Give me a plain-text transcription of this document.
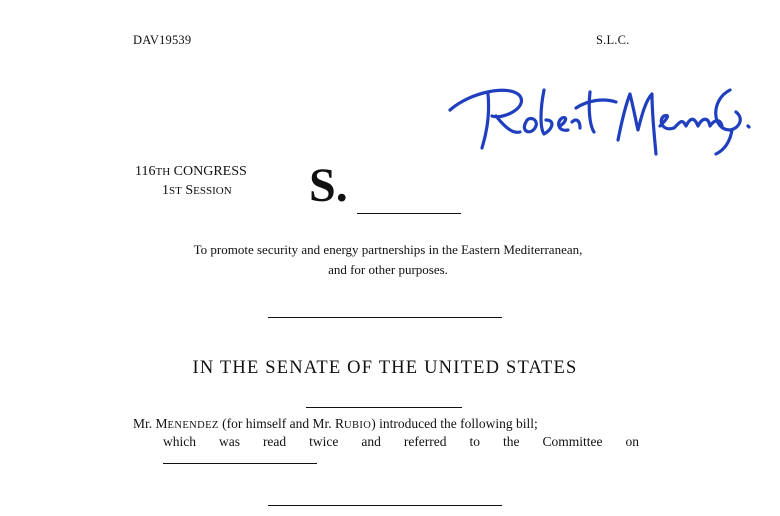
DAV19539	S.L.C.
116TH CONGRESS
1ST SESSION S.
To promote security and energy partnerships in the Eastern Mediterranean,
and for other purposes.
IN THE SENATE OF THE UNITED STATES
Mr. MENENDEZ (for himself and Mr. RUBIO) introduced the following bill;
which was read twice and referred to the Committee on
